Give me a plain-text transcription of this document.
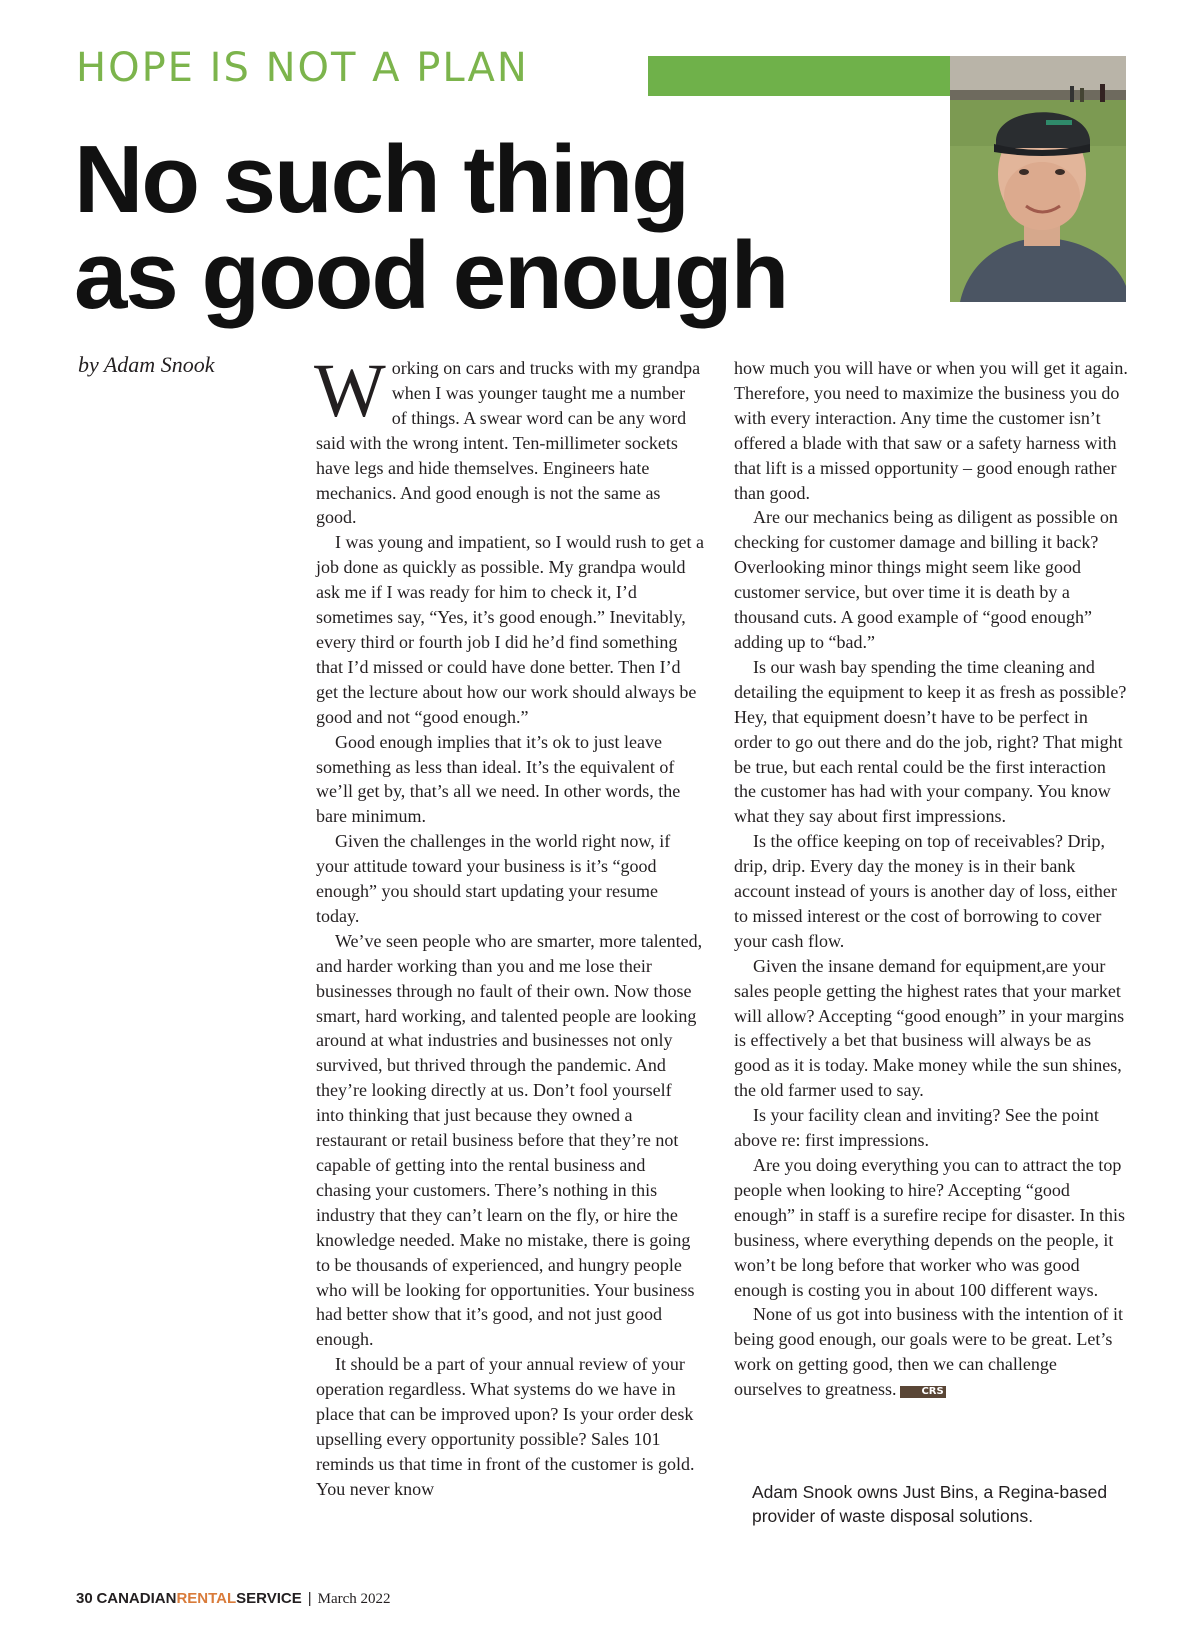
HOPE IS NOT A PLAN
No such thing
as good enough
by Adam Snook Working on cars and trucks with my grandpa when I was younger taught me a number of things. A swear word can be any word said with the wrong intent. Ten-millimeter sockets have legs and hide themselves. Engineers hate mechanics. And good enough is not the same as good.

I was young and impatient, so I would rush to get a job done as quickly as possible. My grandpa would ask me if I was ready for him to check it, I’d sometimes say, “Yes, it’s good enough.” Inevitably, every third or fourth job I did he’d find something that I’d missed or could have done better. Then I’d get the lecture about how our work should always be good and not “good enough.”

Good enough implies that it’s ok to just leave something as less than ideal. It’s the equivalent of we’ll get by, that’s all we need. In other words, the bare minimum.

Given the challenges in the world right now, if your attitude toward your business is it’s “good enough” you should start updating your resume today.

We’ve seen people who are smarter, more talented, and harder working than you and me lose their businesses through no fault of their own. Now those smart, hard working, and talented people are looking around at what industries and businesses not only survived, but thrived through the pandemic. And they’re looking directly at us. Don’t fool yourself into thinking that just because they owned a restaurant or retail business before that they’re not capable of getting into the rental business and chasing your customers. There’s nothing in this industry that they can’t learn on the fly, or hire the knowledge needed. Make no mistake, there is going to be thousands of experienced, and hungry people who will be looking for opportunities. Your business had better show that it’s good, and not just good enough.

It should be a part of your annual review of your operation regardless. What systems do we have in place that can be improved upon? Is your order desk upselling every opportunity possible? Sales 101 reminds us that time in front of the customer is gold. You never know

how much you will have or when you will get it again. Therefore, you need to maximize the business you do with every interaction. Any time the customer isn’t offered a blade with that saw or a safety harness with that lift is a missed opportunity – good enough rather than good.

Are our mechanics being as diligent as possible on checking for customer damage and billing it back? Overlooking minor things might seem like good customer service, but over time it is death by a thousand cuts. A good example of “good enough” adding up to “bad.”

Is our wash bay spending the time cleaning and detailing the equipment to keep it as fresh as possible? Hey, that equipment doesn’t have to be perfect in order to go out there and do the job, right? That might be true, but each rental could be the first interaction the customer has had with your company. You know what they say about first impressions.

Is the office keeping on top of receivables? Drip, drip, drip. Every day the money is in their bank account instead of yours is another day of loss, either to missed interest or the cost of borrowing to cover your cash flow.

Given the insane demand for equipment,are your sales people getting the highest rates that your market will allow? Accepting “good enough” in your margins is effectively a bet that business will always be as good as it is today. Make money while the sun shines, the old farmer used to say.

Is your facility clean and inviting? See the point above re: first impressions.

Are you doing everything you can to attract the top people when looking to hire? Accepting “good enough” in staff is a surefire recipe for disaster. In this business, where everything depends on the people, it won’t be long before that worker who was good enough is costing you in about 100 different ways.

None of us got into business with the intention of it being good enough, our goals were to be great. Let’s work on getting good, then we can challenge ourselves to greatness.	CRS

Adam Snook owns Just Bins, a Regina-based provider of waste disposal solutions.
30 CANADIANRENTALSERVICE | March 2022
